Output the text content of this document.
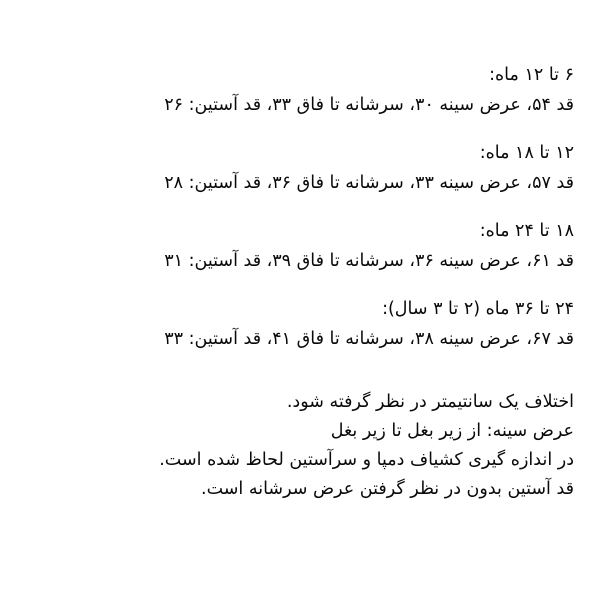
۶ تا ۱۲ ماه:
قد ۵۴، عرض سینه ۳۰، سرشانه تا فاق ۳۳، قد آستین: ۲۶
۱۲ تا ۱۸ ماه:
قد ۵۷، عرض سینه ۳۳، سرشانه تا فاق ۳۶، قد آستین: ۲۸
۱۸ تا ۲۴ ماه:
قد ۶۱، عرض سینه ۳۶، سرشانه تا فاق ۳۹، قد آستین: ۳۱
۲۴ تا ۳۶ ماه (۲ تا ۳ سال):
قد ۶۷، عرض سینه ۳۸، سرشانه تا فاق ۴۱، قد آستین: ۳۳
اختلاف یک سانتیمتر در نظر گرفته شود.
عرض سینه: از زیر بغل تا زیر بغل
در اندازه گیری کشیاف دمپا و سرآستین لحاظ شده است.
قد آستین بدون در نظر گرفتن عرض سرشانه است.
